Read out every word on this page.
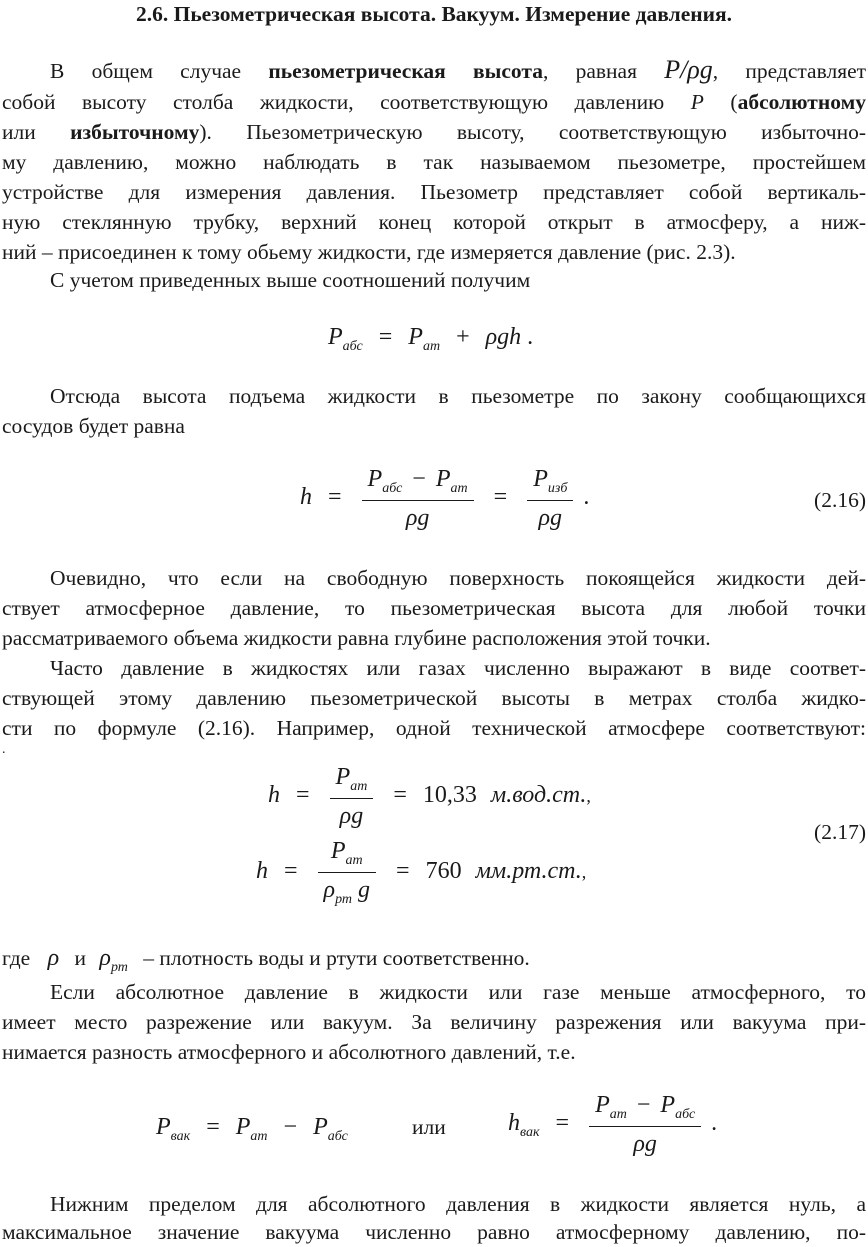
2.6. Пьезометрическая высота. Вакуум. Измерение давления.
В общем случае пьезометрическая высота, равная P/ρg, представляет
собой высоту столба жидкости, соответствующую давлению P (абсолютному
или избыточному). Пьезометрическую высоту, соответствующую избыточно-
му давлению, можно наблюдать в так называемом пьезометре, простейшем
устройстве для измерения давления. Пьезометр представляет собой вертикаль-
ную стеклянную трубку, верхний конец которой открыт в атмосферу, а ниж-
ний – присоединен к тому обьему жидкости, где измеряется давление (рис. 2.3).
С учетом приведенных выше соотношений получим
$P_{абс} = P_{ат} + \rho gh$ .
Отсюда высота подъема жидкости в пьезометре по закону сообщающихся
сосудов будет равна
$h = \frac{P_{абс} - P_{ат}}{\rho g} = \frac{P_{изб}}{\rho g}$ .	(2.16)
Очевидно, что если на свободную поверхность покоящейся жидкости дей-
ствует атмосферное давление, то пьезометрическая высота для любой точки
рассматриваемого объема жидкости равна глубине расположения этой точки.
Часто давление в жидкостях или газах численно выражают в виде соответ-
ствующей этому давлению пьезометрической высоты в метрах столба жидко-
сти по формуле (2.16). Например, одной технической атмосфере соответствуют:
.
$h = \frac{P_{ат}}{\rho g} = 10,33$ м.вод.ст.,
(2.17)
$h = \frac{P_{ат}}{\rho_{рт} g} = 760$ мм.рт.ст.,
где ρ и $\rho_{рт}$ – плотность воды и ртути соответственно.
Если абсолютное давление в жидкости или газе меньше атмосферного, то
имеет место разрежение или вакуум. За величину разрежения или вакуума при-
нимается разность атмосферного и абсолютного давлений, т.е.
$P_{вак} = P_{ат} - P_{абс}$	или	$h_{вак} = \frac{P_{ат} - P_{абс}}{\rho g}$ .
Нижним пределом для абсолютного давления в жидкости является нуль, а
максимальное значение вакуума численно равно атмосферному давлению, по-
